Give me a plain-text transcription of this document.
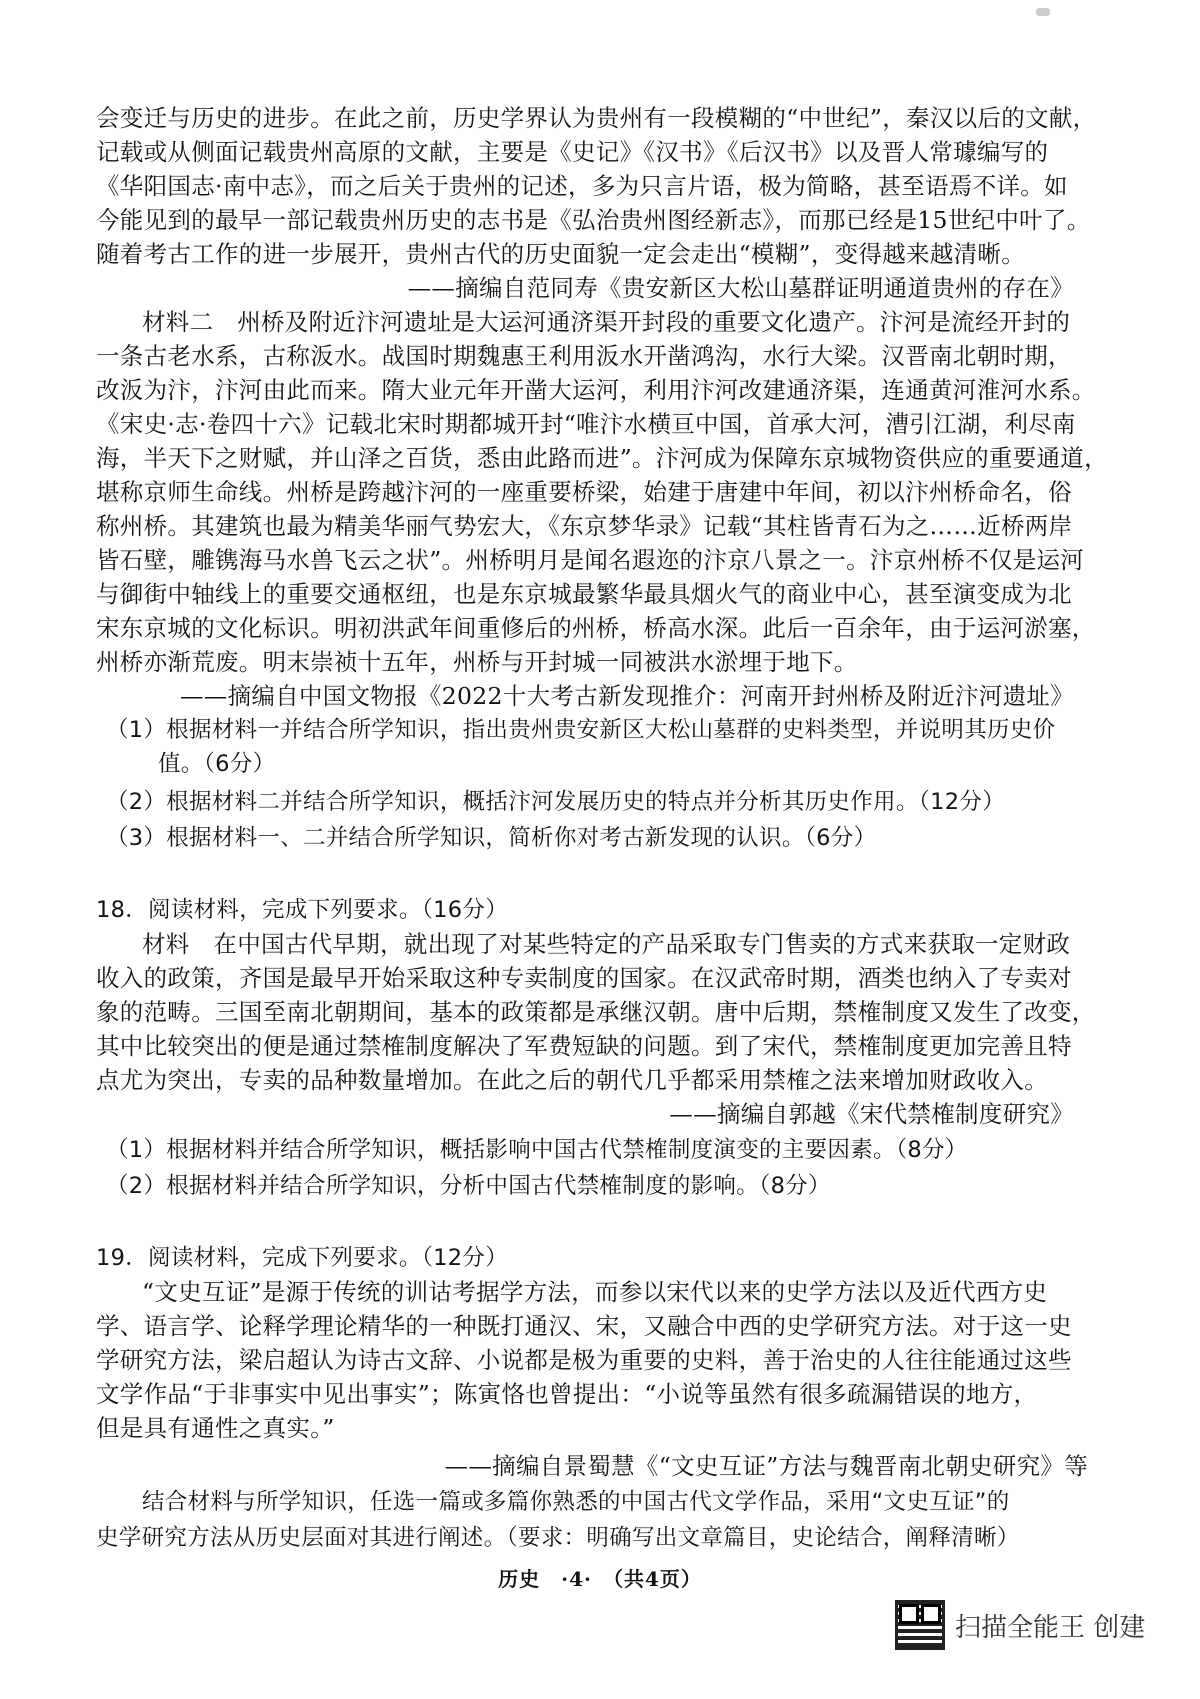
会变迁与历史的进步。在此之前，历史学界认为贵州有一段模糊的“中世纪”，秦汉以后的文献，
记载或从侧面记载贵州高原的文献，主要是《史记》《汉书》《后汉书》以及晋人常璩编写的
《华阳国志·南中志》，而之后关于贵州的记述，多为只言片语，极为简略，甚至语焉不详。如
今能见到的最早一部记载贵州历史的志书是《弘治贵州图经新志》，而那已经是15世纪中叶了。
随着考古工作的进一步展开，贵州古代的历史面貌一定会走出“模糊”，变得越来越清晰。
——摘编自范同寿《贵安新区大松山墓群证明通道贵州的存在》
材料二　州桥及附近汴河遗址是大运河通济渠开封段的重要文化遗产。汴河是流经开封的
一条古老水系，古称汳水。战国时期魏惠王利用汳水开凿鸿沟，水行大梁。汉晋南北朝时期，
改汳为汴，汴河由此而来。隋大业元年开凿大运河，利用汴河改建通济渠，连通黄河淮河水系。
《宋史·志·卷四十六》记载北宋时期都城开封“唯汴水横亘中国，首承大河，漕引江湖，利尽南
海，半天下之财赋，并山泽之百货，悉由此路而进”。汴河成为保障东京城物资供应的重要通道，
堪称京师生命线。州桥是跨越汴河的一座重要桥梁，始建于唐建中年间，初以汴州桥命名，俗
称州桥。其建筑也最为精美华丽气势宏大，《东京梦华录》记载“其柱皆青石为之……近桥两岸
皆石壁，雕镌海马水兽飞云之状”。州桥明月是闻名遐迩的汴京八景之一。汴京州桥不仅是运河
与御街中轴线上的重要交通枢纽，也是东京城最繁华最具烟火气的商业中心，甚至演变成为北
宋东京城的文化标识。明初洪武年间重修后的州桥，桥高水深。此后一百余年，由于运河淤塞，
州桥亦渐荒废。明末崇祯十五年，州桥与开封城一同被洪水淤埋于地下。
——摘编自中国文物报《2022十大考古新发现推介：河南开封州桥及附近汴河遗址》
（1）根据材料一并结合所学知识，指出贵州贵安新区大松山墓群的史料类型，并说明其历史价
值。（6分）
（2）根据材料二并结合所学知识，概括汴河发展历史的特点并分析其历史作用。（12分）
（3）根据材料一、二并结合所学知识，简析你对考古新发现的认识。（6分）
18．阅读材料，完成下列要求。（16分）
材料　在中国古代早期，就出现了对某些特定的产品采取专门售卖的方式来获取一定财政
收入的政策，齐国是最早开始采取这种专卖制度的国家。在汉武帝时期，酒类也纳入了专卖对
象的范畴。三国至南北朝期间，基本的政策都是承继汉朝。唐中后期，禁榷制度又发生了改变，
其中比较突出的便是通过禁榷制度解决了军费短缺的问题。到了宋代，禁榷制度更加完善且特
点尤为突出，专卖的品种数量增加。在此之后的朝代几乎都采用禁榷之法来增加财政收入。
——摘编自郭越《宋代禁榷制度研究》
（1）根据材料并结合所学知识，概括影响中国古代禁榷制度演变的主要因素。（8分）
（2）根据材料并结合所学知识，分析中国古代禁榷制度的影响。（8分）
19．阅读材料，完成下列要求。（12分）
“文史互证”是源于传统的训诂考据学方法，而参以宋代以来的史学方法以及近代西方史
学、语言学、论释学理论精华的一种既打通汉、宋，又融合中西的史学研究方法。对于这一史
学研究方法，梁启超认为诗古文辞、小说都是极为重要的史料，善于治史的人往往能通过这些
文学作品“于非事实中见出事实”；陈寅恪也曾提出：“小说等虽然有很多疏漏错误的地方，
但是具有通性之真实。”
——摘编自景蜀慧《“文史互证”方法与魏晋南北朝史研究》等
结合材料与所学知识，任选一篇或多篇你熟悉的中国古代文学作品，采用“文史互证”的
史学研究方法从历史层面对其进行阐述。（要求：明确写出文章篇目，史论结合，阐释清晰）
历史　·4·　（共4页）
扫描全能王 创建
